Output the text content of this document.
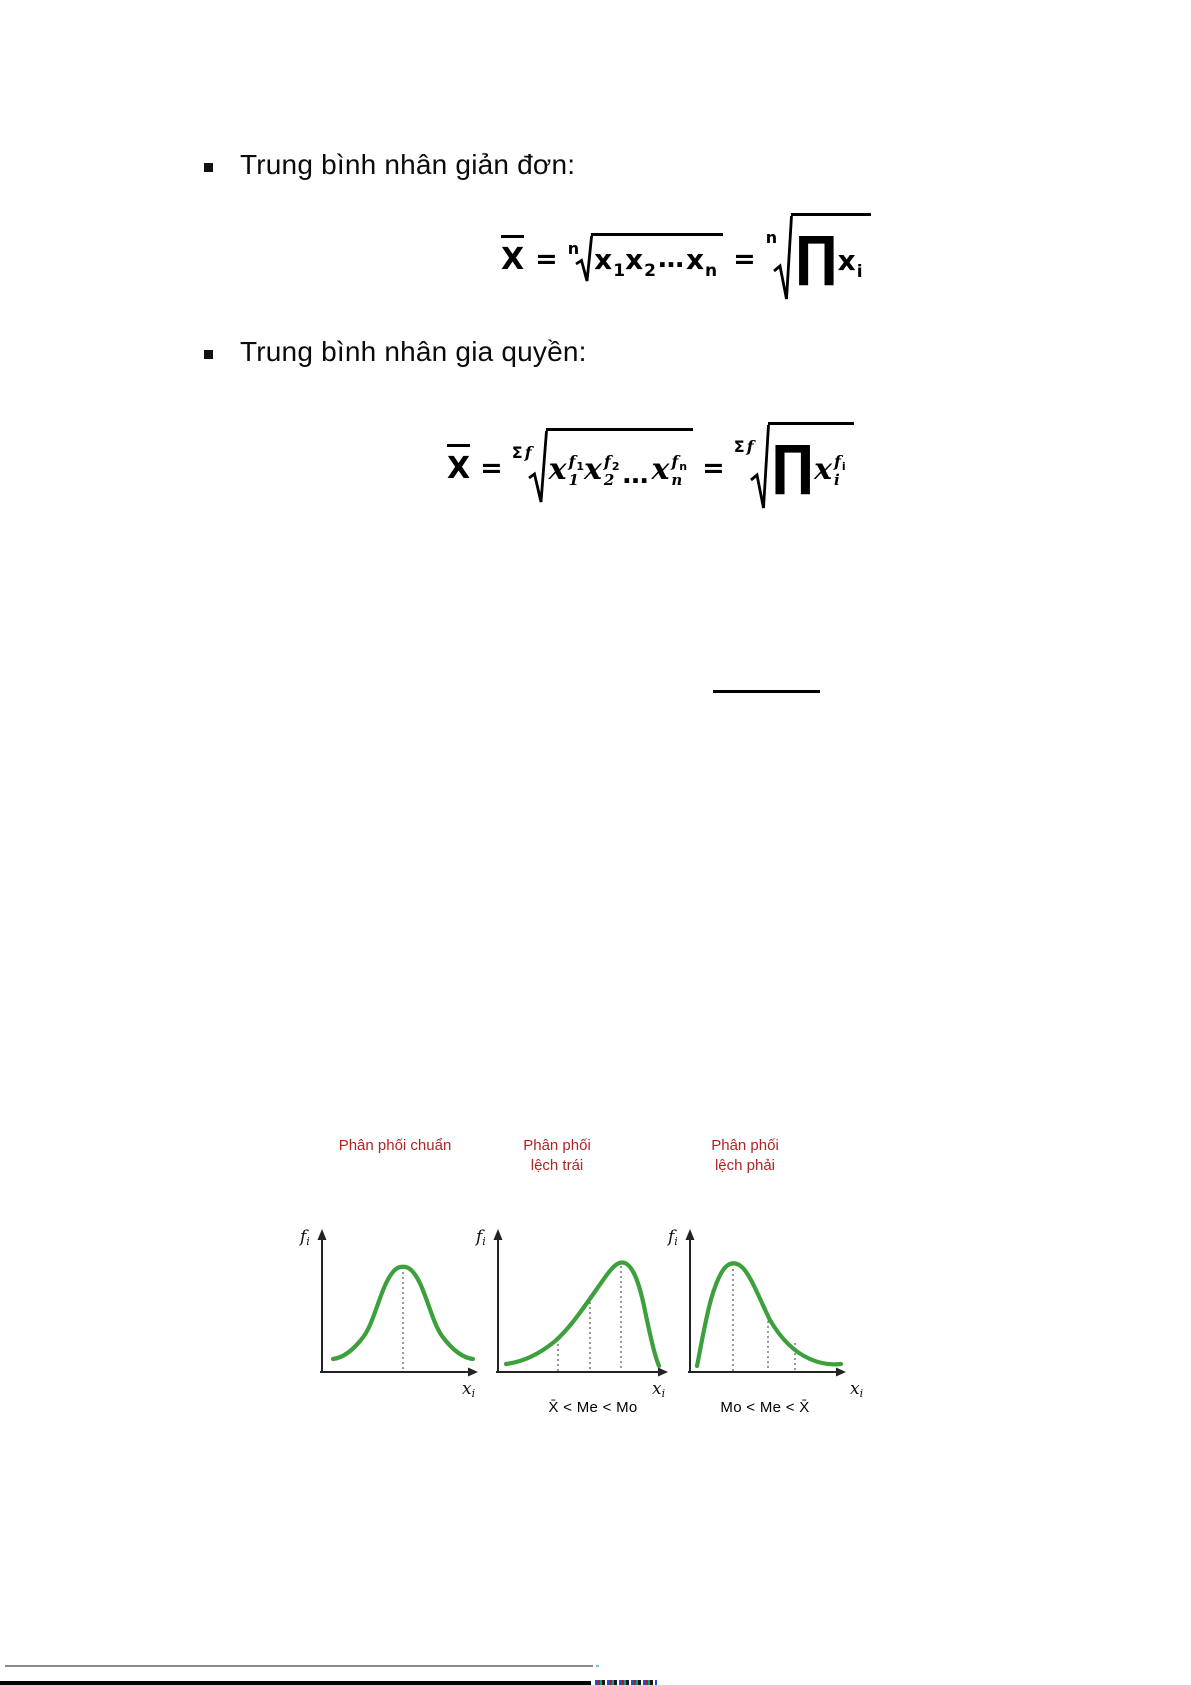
Trung bình nhân giản đơn:
X = n x 1 x 2 … x n =
n ∏ x i
Trung bình nhân gia quyền:
X = Σ f x f 1
1 x f 2
2 … x f n
n =
Σ f ∏ x f i
i
Phân phối chuẩn	Phân phối
lệch trái
Phân phối
lệch phải
fi
xi
fi
xi
X̄ < Me < Mo
fi
xi
Mo < Me < X̄
